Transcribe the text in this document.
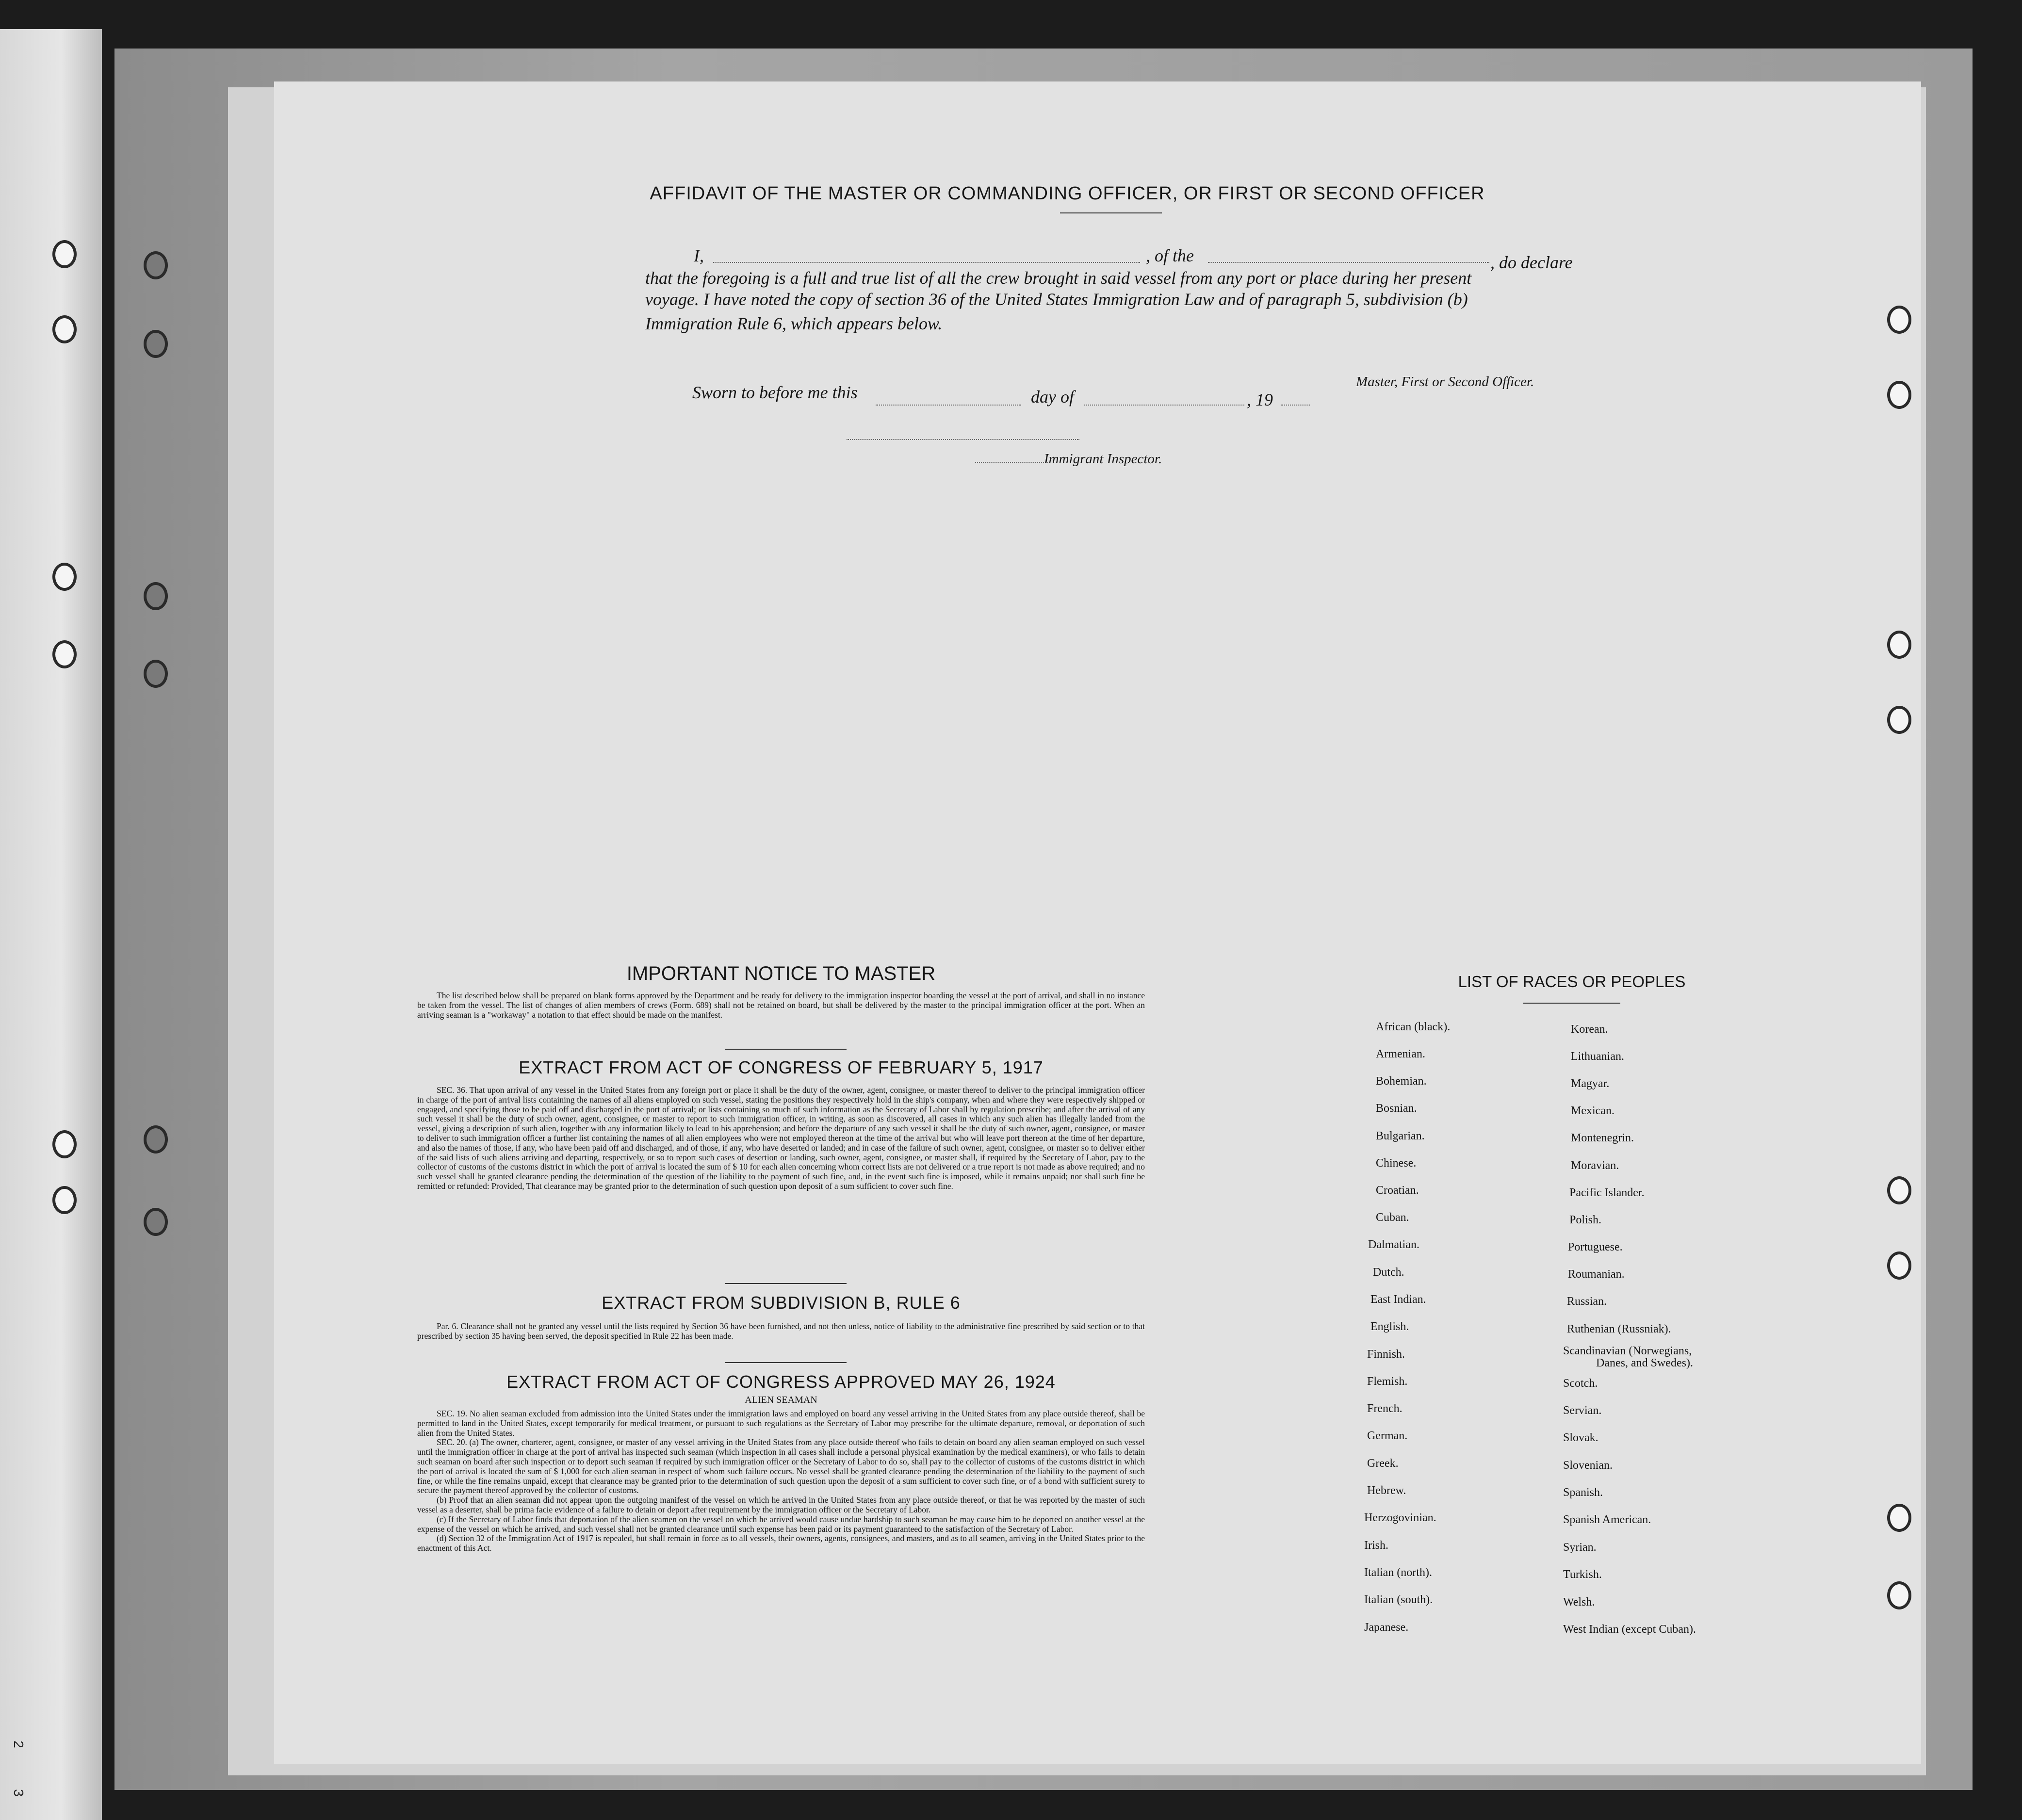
2
3
AFFIDAVIT OF THE MASTER OR COMMANDING OFFICER, OR FIRST OR SECOND OFFICER
I,	, of the	, do declare
that the foregoing is a full and true list of all the crew brought in said vessel from any port or place during her present
voyage. I have noted the copy of section 36 of the United States Immigration Law and of paragraph 5, subdivision (b)
Immigration Rule 6, which appears below.
Master, First or Second Officer.
Sworn to before me this	day of	, 19
Immigrant Inspector.
IMPORTANT NOTICE TO MASTER

The list described below shall be prepared on blank forms approved by the Department and be ready for delivery to the immigration inspector boarding the vessel at the port of arrival, and shall in no instance be taken from the vessel. The list of changes of alien members of crews (Form. 689) shall not be retained on board, but shall be delivered by the master to the principal immigration officer at the port. When an arriving seaman is a "workaway" a notation to that effect should be made on the manifest.

EXTRACT FROM ACT OF CONGRESS OF FEBRUARY 5, 1917

SEC. 36. That upon arrival of any vessel in the United States from any foreign port or place it shall be the duty of the owner, agent, consignee, or master thereof to deliver to the principal immigration officer in charge of the port of arrival lists containing the names of all aliens employed on such vessel, stating the positions they respectively hold in the ship's company, when and where they were respectively shipped or engaged, and specifying those to be paid off and discharged in the port of arrival; or lists containing so much of such information as the Secretary of Labor shall by regulation prescribe; and after the arrival of any such vessel it shall be the duty of such owner, agent, consignee, or master to report to such immigration officer, in writing, as soon as discovered, all cases in which any such alien has illegally landed from the vessel, giving a description of such alien, together with any information likely to lead to his apprehension; and before the departure of any such vessel it shall be the duty of such owner, agent, consignee, or master to deliver to such immigration officer a further list containing the names of all alien employees who were not employed thereon at the time of the arrival but who will leave port thereon at the time of her departure, and also the names of those, if any, who have been paid off and discharged, and of those, if any, who have deserted or landed; and in case of the failure of such owner, agent, consignee, or master so to deliver either of the said lists of such aliens arriving and departing, respectively, or so to report such cases of desertion or landing, such owner, agent, consignee, or master shall, if required by the Secretary of Labor, pay to the collector of customs of the customs district in which the port of arrival is located the sum of $ 10 for each alien concerning whom correct lists are not delivered or a true report is not made as above required; and no such vessel shall be granted clearance pending the determination of the question of the liability to the payment of such fine, and, in the event such fine is imposed, while it remains unpaid; nor shall such fine be remitted or refunded: Provided, That clearance may be granted prior to the determination of such question upon deposit of a sum sufficient to cover such fine.

EXTRACT FROM SUBDIVISION B, RULE 6

Par. 6. Clearance shall not be granted any vessel until the lists required by Section 36 have been furnished, and not then unless, notice of liability to the administrative fine prescribed by said section or to that prescribed by section 35 having been served, the deposit specified in Rule 22 has been made.

EXTRACT FROM ACT OF CONGRESS APPROVED MAY 26, 1924
ALIEN SEAMAN

SEC. 19. No alien seaman excluded from admission into the United States under the immigration laws and employed on board any vessel arriving in the United States from any place outside thereof, shall be permitted to land in the United States, except temporarily for medical treatment, or pursuant to such regulations as the Secretary of Labor may prescribe for the ultimate departure, removal, or deportation of such alien from the United States.

SEC. 20. (a) The owner, charterer, agent, consignee, or master of any vessel arriving in the United States from any place outside thereof who fails to detain on board any alien seaman employed on such vessel until the immigration officer in charge at the port of arrival has inspected such seaman (which inspection in all cases shall include a personal physical examination by the medical examiners), or who fails to detain such seaman on board after such inspection or to deport such seaman if required by such immigration officer or the Secretary of Labor to do so, shall pay to the collector of customs of the customs district in which the port of arrival is located the sum of $ 1,000 for each alien seaman in respect of whom such failure occurs. No vessel shall be granted clearance pending the determination of the liability to the payment of such fine, or while the fine remains unpaid, except that clearance may be granted prior to the determination of such question upon the deposit of a sum sufficient to cover such fine, or of a bond with sufficient surety to secure the payment thereof approved by the collector of customs.

(b) Proof that an alien seaman did not appear upon the outgoing manifest of the vessel on which he arrived in the United States from any place outside thereof, or that he was reported by the master of such vessel as a deserter, shall be prima facie evidence of a failure to detain or deport after requirement by the immigration officer or the Secretary of Labor.

(c) If the Secretary of Labor finds that deportation of the alien seamen on the vessel on which he arrived would cause undue hardship to such seaman he may cause him to be deported on another vessel at the expense of the vessel on which he arrived, and such vessel shall not be granted clearance until such expense has been paid or its payment guaranteed to the satisfaction of the Secretary of Labor.

(d) Section 32 of the Immigration Act of 1917 is repealed, but shall remain in force as to all vessels, their owners, agents, consignees, and masters, and as to all seamen, arriving in the United States prior to the enactment of this Act.

LIST OF RACES OR PEOPLES
African (black).
Armenian.
Bohemian.
Bosnian.
Bulgarian.
Chinese.
Croatian.
Cuban.
Dalmatian.
Dutch.
East Indian.
English.
Finnish.
Flemish.
French.
German.
Greek.
Hebrew.
Herzogovinian.
Irish.
Italian (north).
Italian (south).
Japanese.
Korean.
Lithuanian.
Magyar.
Mexican.
Montenegrin.
Moravian.
Pacific Islander.
Polish.
Portuguese.
Roumanian.
Russian.
Ruthenian (Russniak).
Scandinavian (Norwegians,
Danes, and Swedes).
Scotch.
Servian.
Slovak.
Slovenian.
Spanish.
Spanish American.
Syrian.
Turkish.
Welsh.
West Indian (except Cuban).
